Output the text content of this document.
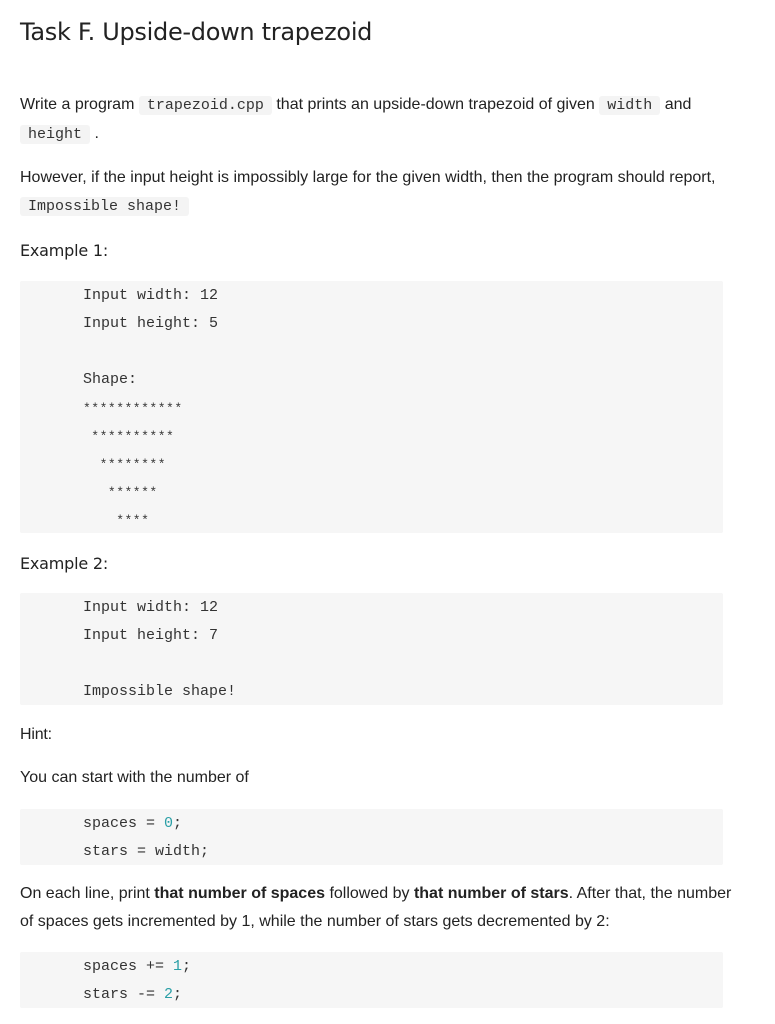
Task F. Upside-down trapezoid

Write a program trapezoid.cpp that prints an upside-down trapezoid of given width and
height .

However, if the input height is impossibly large for the given width, then the program should report,
Impossible shape!

Example 1:

Input width: 12

Input height: 5

Shape:

************

**********

********

******

****

Example 2:

Input width: 12

Input height: 7

Impossible shape!

Hint:

You can start with the number of

spaces = 0;

stars = width;

On each line, print that number of spaces followed by that number of stars. After that, the number of spaces gets incremented by 1, while the number of stars gets decremented by 2:

spaces += 1;

stars -= 2;
